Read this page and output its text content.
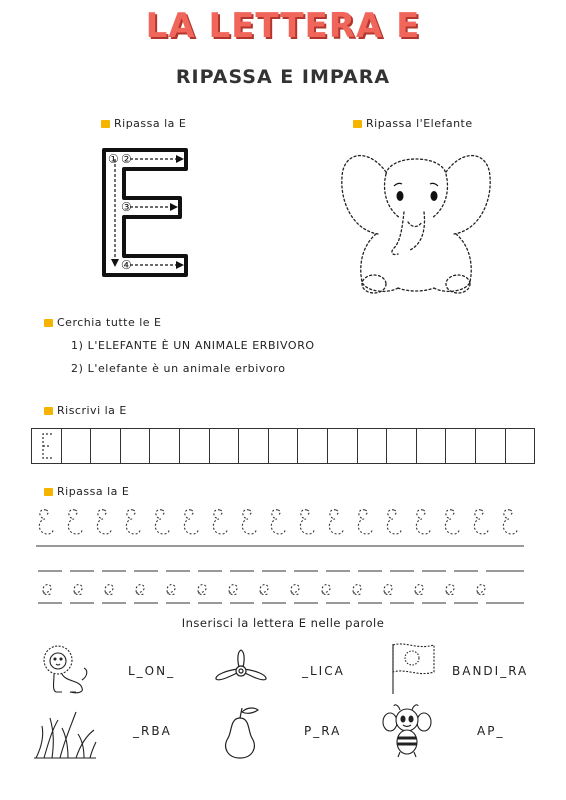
LA LETTERA E
RIPASSA E IMPARA
Ripassa la E	Ripassa l'Elefante
① ②
③
④
Cerchia tutte le E
1) L'ELEFANTE È UN ANIMALE ERBIVORO
2) L'elefante è un animale erbivoro
Riscrivi la E
Ripassa la E
Inserisci la lettera E nelle parole
L_ON_	_LICA	BANDI_RA
_RBA	P_RA	AP_
